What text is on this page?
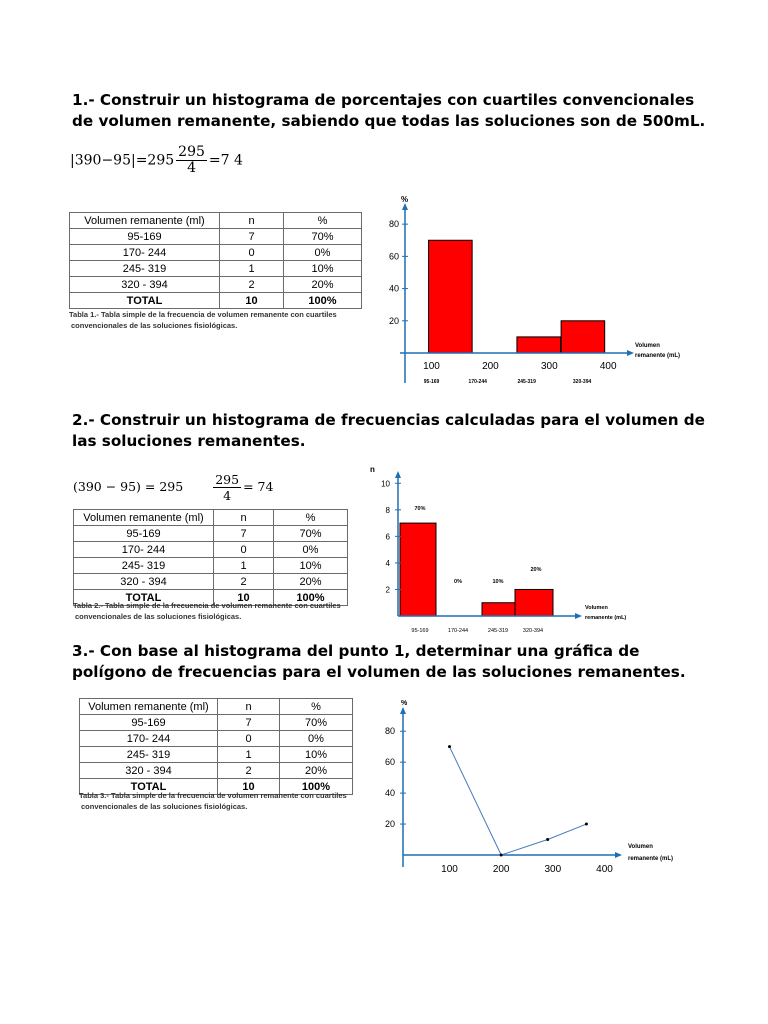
1.- Construir un histograma de porcentajes con cuartiles convencionales
de volumen remanente, sabiendo que todas las soluciones son de 500mL.
$|390-95|=295 \frac{295}{4} =7$ 4
Volumen remanente (ml)	n	%
95-169	7	70%
170- 244	0	0%
245- 319	1	10%
320 - 394	2	20%
TOTAL	10	100%
Tabla 1.- Tabla simple de la frecuencia de volumen remanente con cuartiles
convencionales de las soluciones fisiológicas.	20
40
60
80
100	200	300	400
95-169	170-244	245-319	320-394
%
Volumen
remanente (mL)
2.- Construir un histograma de frecuencias calculadas para el volumen de
las soluciones remanentes.
$(390 - 95) = 295 \frac{295}{4} = 74$
Volumen remanente (ml)	n	%
95-169	7	70%
170- 244	0	0%
245- 319	1	10%
320 - 394	2	20%
TOTAL	10	100%
Tabla 2.- Tabla simple de la frecuencia de volumen remanente con cuartiles
convencionales de las soluciones fisiológicas.
70%
0%	10%
20%
2
4
6
8
10
95-169	170-244	245-319	320-394
n
Volumen
remanente (mL)
3.- Con base al histograma del punto 1, determinar una gráfica de
polígono de frecuencias para el volumen de las soluciones remanentes.
Volumen remanente (ml)	n	%
95-169	7	70%
170- 244	0	0%
245- 319	1	10%
320 - 394	2	20%
TOTAL	10	100%
Tabla 3.- Tabla simple de la frecuencia de volumen remanente con cuartiles
convencionales de las soluciones fisiológicas.
20
40
60
80
100	200	300	400
%
Volumen
remanente (mL)
